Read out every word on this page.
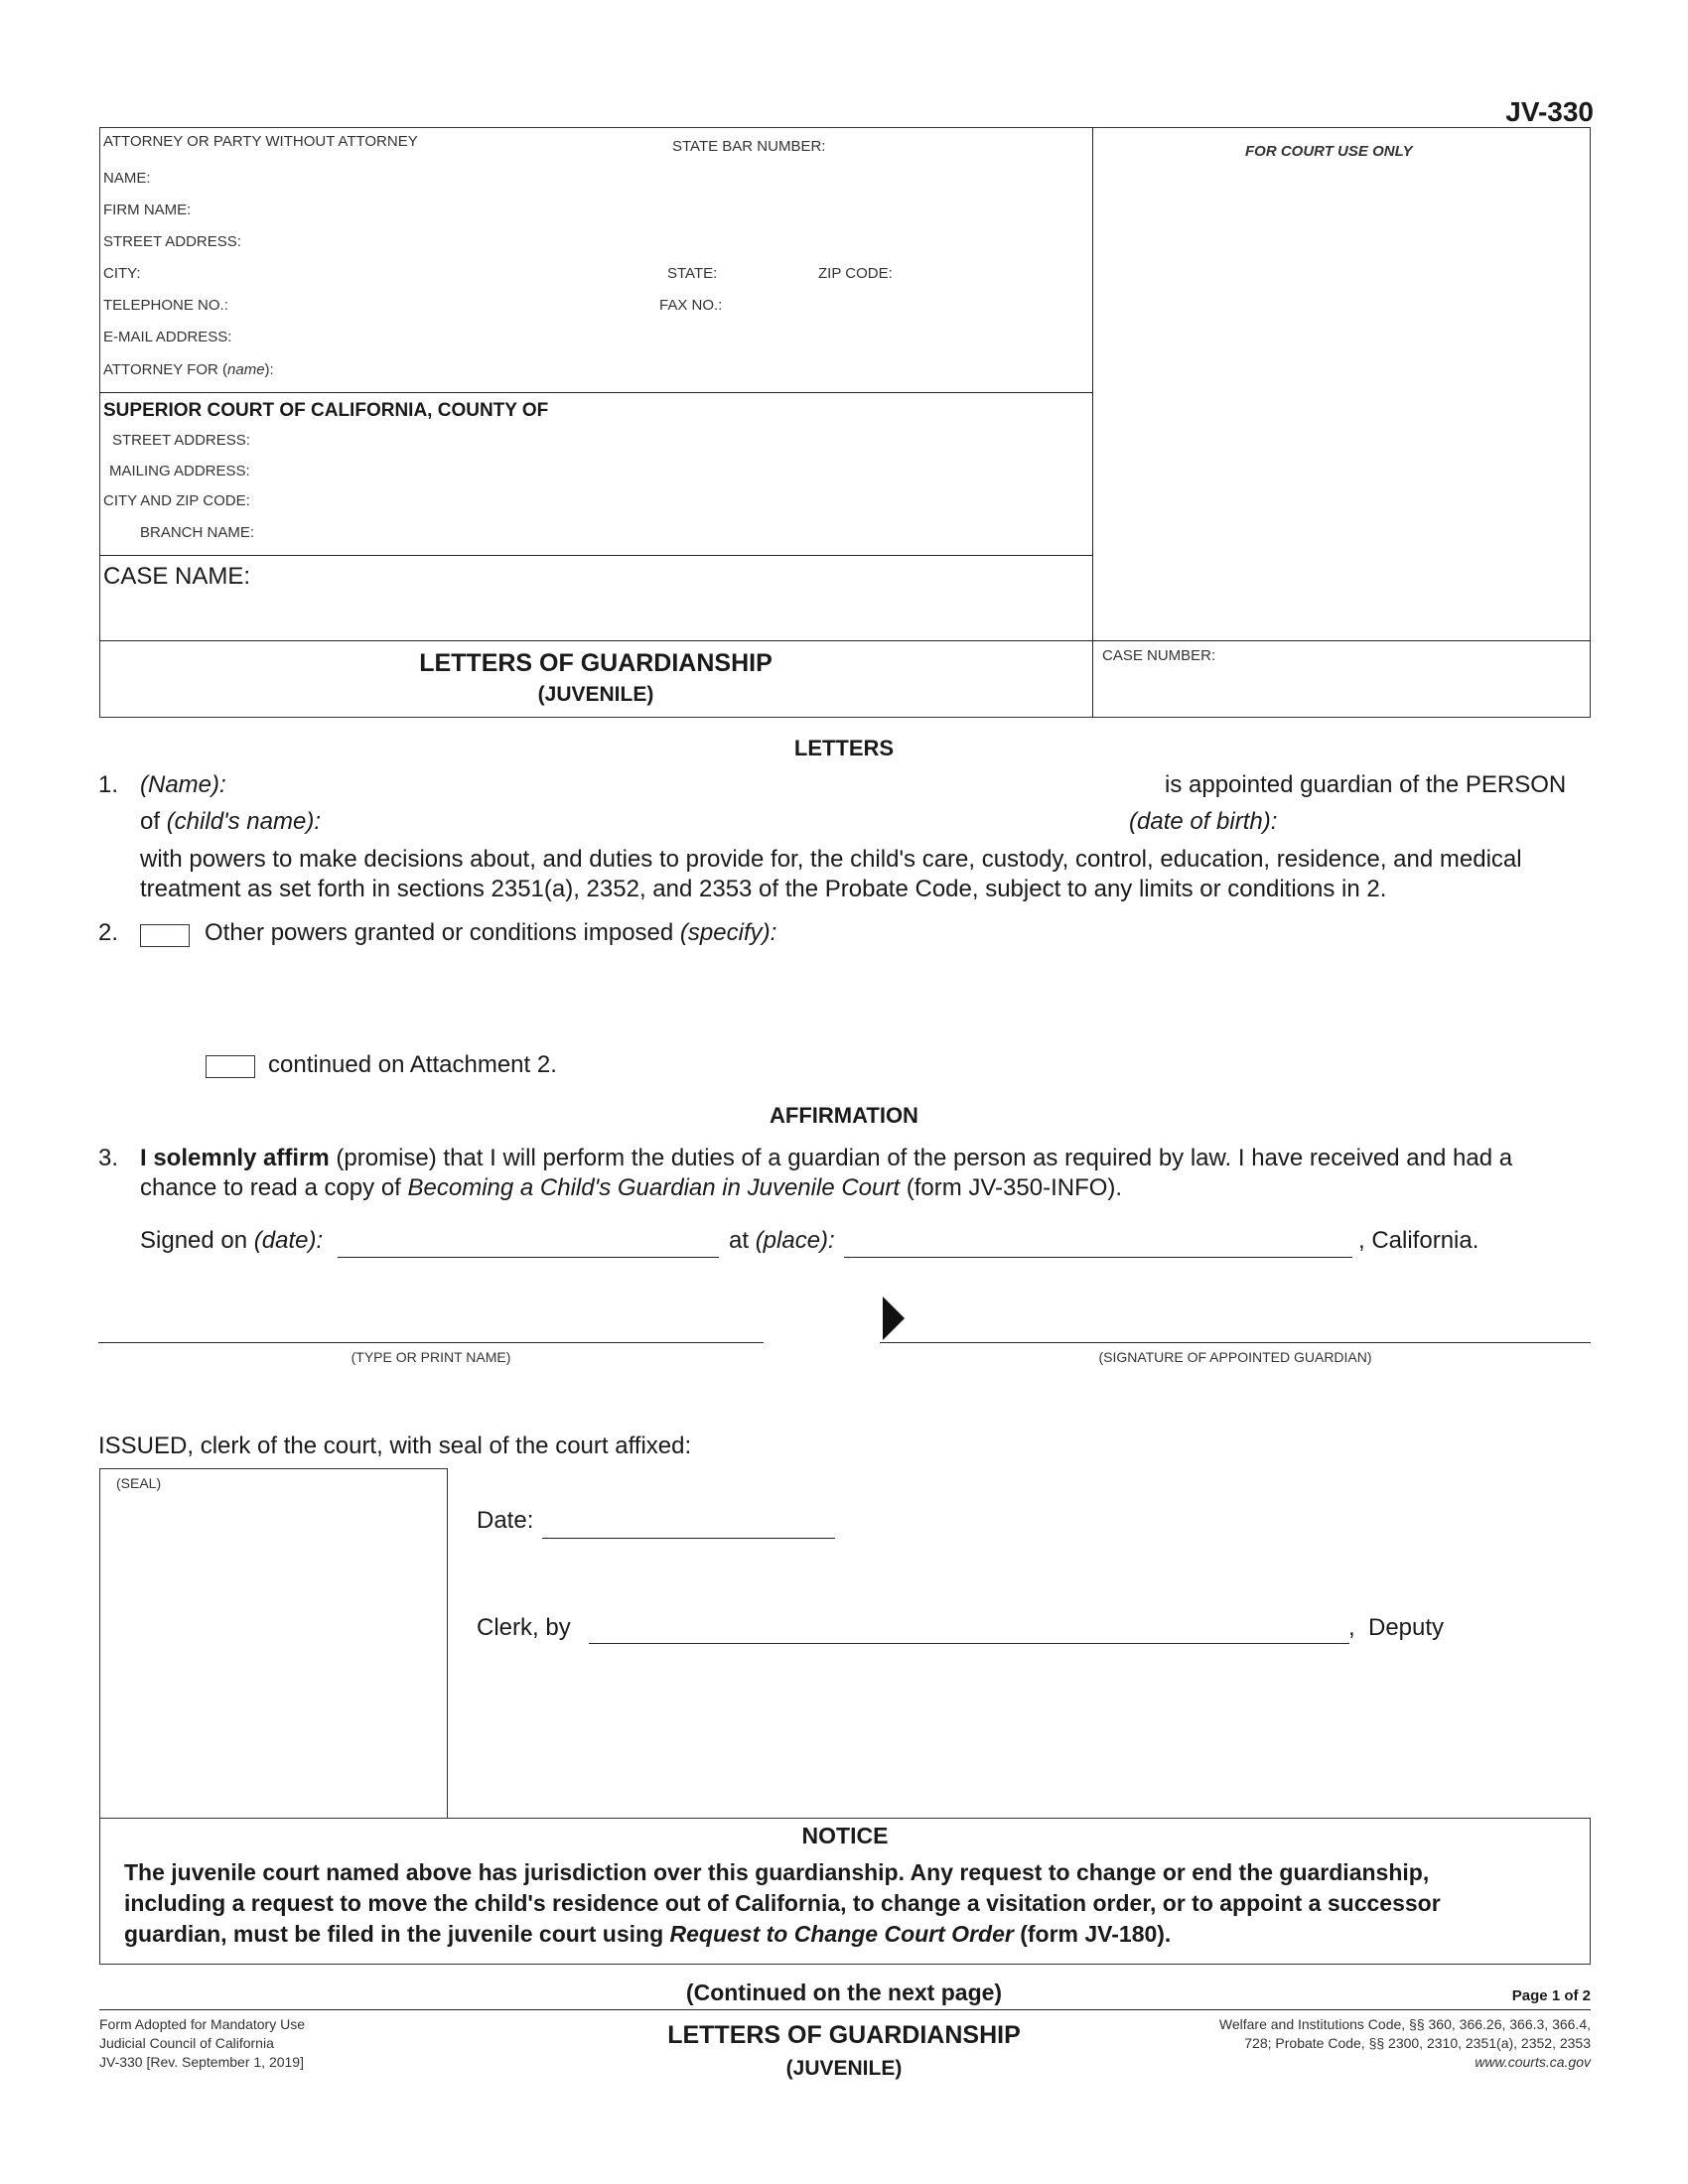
JV-330
ATTORNEY OR PARTY WITHOUT ATTORNEY	STATE BAR NUMBER:	FOR COURT USE ONLY
NAME:
FIRM NAME:
STREET ADDRESS:
CITY:	STATE:	ZIP CODE:
TELEPHONE NO.:	FAX NO.:
E-MAIL ADDRESS:
ATTORNEY FOR (name):
SUPERIOR COURT OF CALIFORNIA, COUNTY OF
STREET ADDRESS:
MAILING ADDRESS:
CITY AND ZIP CODE:
BRANCH NAME:
CASE NAME:
LETTERS OF GUARDIANSHIP
(JUVENILE)
CASE NUMBER:
LETTERS
1. (Name):	is appointed guardian of the PERSON
of (child's name):	(date of birth):
with powers to make decisions about, and duties to provide for, the child's care, custody, control, education, residence, and medical
treatment as set forth in sections 2351(a), 2352, and 2353 of the Probate Code, subject to any limits or conditions in 2.
2.	Other powers granted or conditions imposed (specify):
continued on Attachment 2.
AFFIRMATION
3. I solemnly affirm (promise) that I will perform the duties of a guardian of the person as required by law. I have received and had a
chance to read a copy of Becoming a Child's Guardian in Juvenile Court (form JV-350-INFO).
Signed on (date):	at (place):	, California.
(TYPE OR PRINT NAME)	(SIGNATURE OF APPOINTED GUARDIAN)
ISSUED, clerk of the court, with seal of the court affixed:
(SEAL)
Date:
Clerk, by	,  Deputy
NOTICE
The juvenile court named above has jurisdiction over this guardianship. Any request to change or end the guardianship,
including a request to move the child's residence out of California, to change a visitation order, or to appoint a successor
guardian, must be filed in the juvenile court using Request to Change Court Order (form JV-180).
(Continued on the next page)	Page 1 of 2
Form Adopted for Mandatory Use
Judicial Council of California
JV-330 [Rev. September 1, 2019]
LETTERS OF GUARDIANSHIP
(JUVENILE)
Welfare and Institutions Code, §§ 360, 366.26, 366.3, 366.4,
728; Probate Code, §§ 2300, 2310, 2351(a), 2352, 2353
www.courts.ca.gov
